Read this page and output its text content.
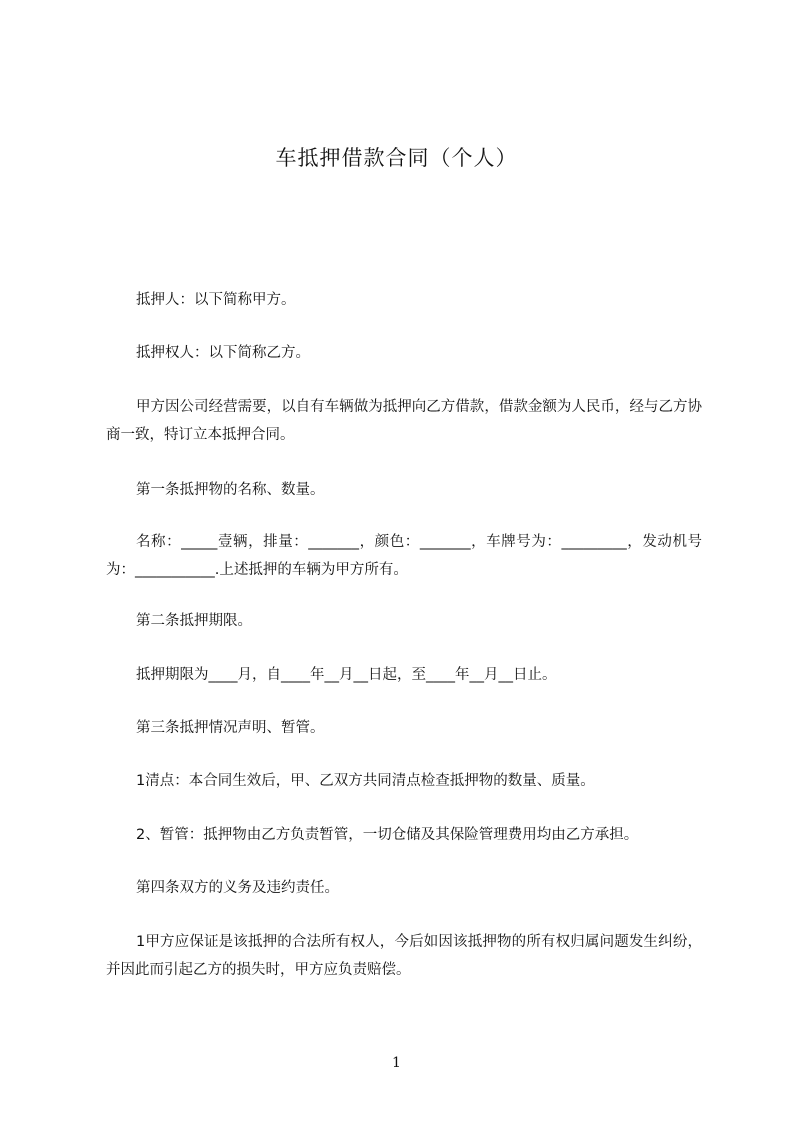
车抵押借款合同（个人）

抵押人：以下简称甲方。

抵押权人：以下简称乙方。

甲方因公司经营需要，以自有车辆做为抵押向乙方借款，借款金额为人民币，经与乙方协商一致，特订立本抵押合同。

第一条抵押物的名称、数量。

名称：_____壹辆，排量：_______，颜色：_______，车牌号为：_________，发动机号为：___________.上述抵押的车辆为甲方所有。

第二条抵押期限。

抵押期限为____月，自____年__月__日起，至____年__月__日止。

第三条抵押情况声明、暂管。

1清点：本合同生效后，甲、乙双方共同清点检查抵押物的数量、质量。

2、暂管：抵押物由乙方负责暂管，一切仓储及其保险管理费用均由乙方承担。

第四条双方的义务及违约责任。

1甲方应保证是该抵押的合法所有权人，今后如因该抵押物的所有权归属问题发生纠纷，并因此而引起乙方的损失时，甲方应负责赔偿。

1
